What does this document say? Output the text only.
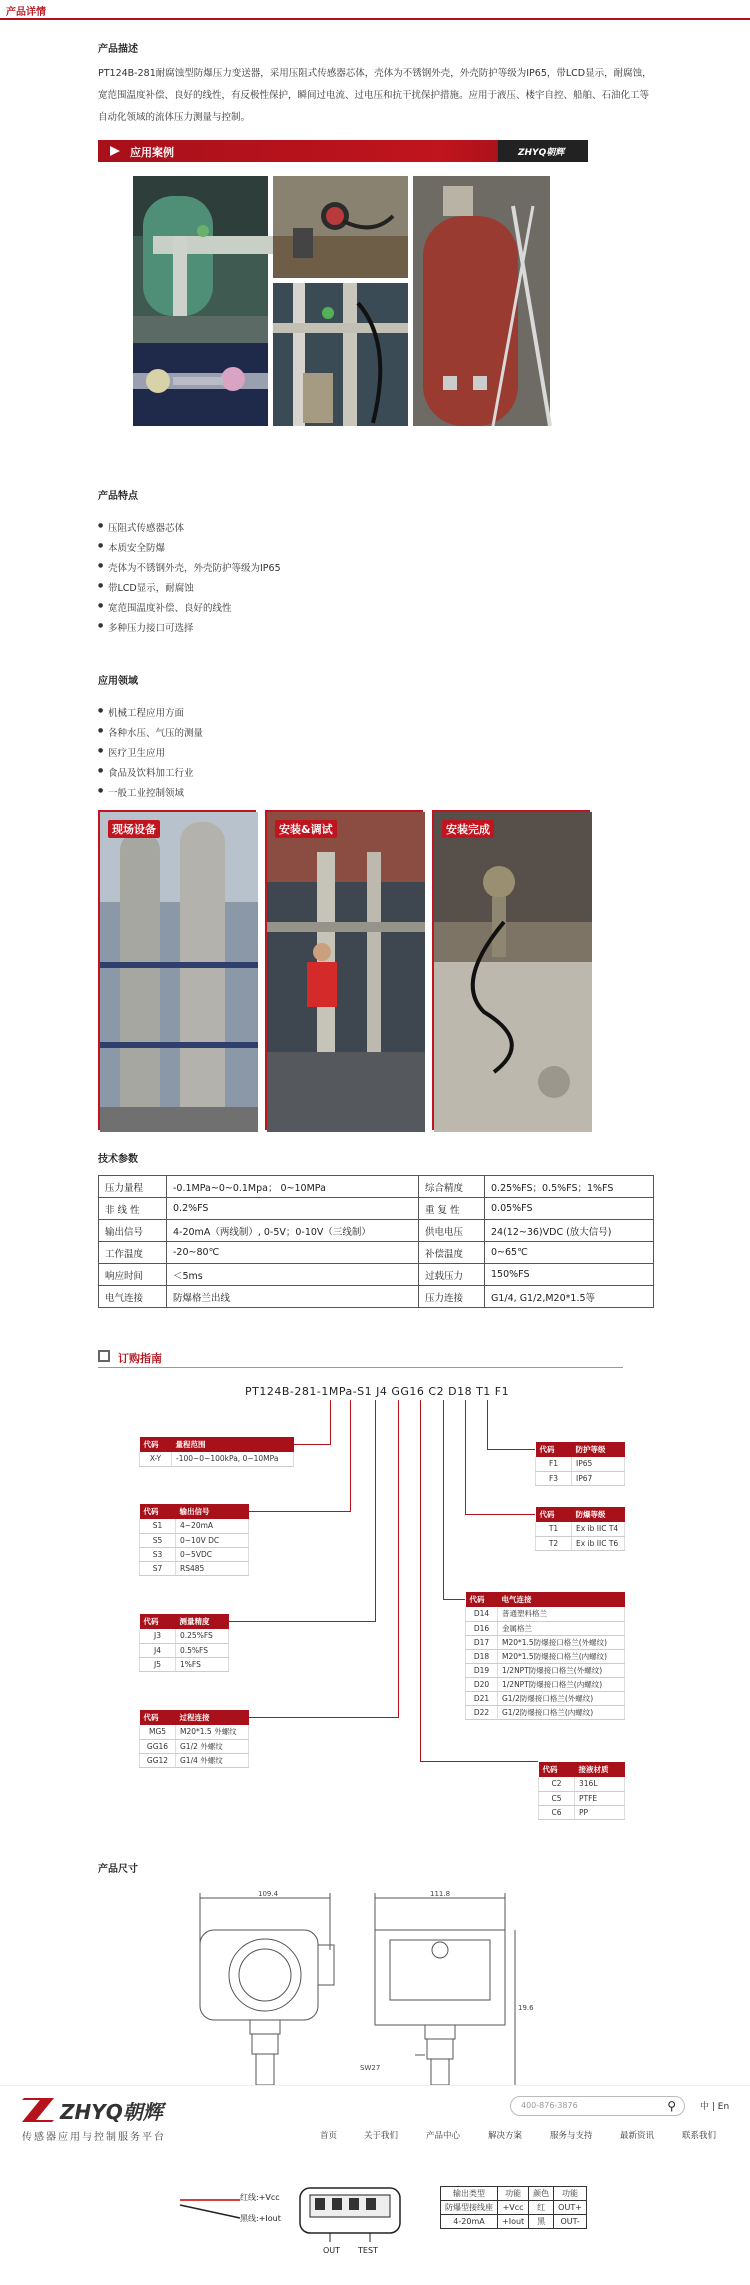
产品详情
产品描述
PT124B-281耐腐蚀型防爆压力变送器，采用压阻式传感器芯体，壳体为不锈钢外壳，外壳防护等级为IP65，带LCD显示，耐腐蚀，宽范围温度补偿、良好的线性，有反极性保护，瞬间过电流、过电压和抗干扰保护措施。应用于液压、楼宇自控、船舶、石油化工等自动化领域的流体压力测量与控制。
应用案例	ZHYQ朝辉
产品特点
● 压阻式传感器芯体
● 本质安全防爆
● 壳体为不锈钢外壳，外壳防护等级为IP65
● 带LCD显示，耐腐蚀
● 宽范围温度补偿、良好的线性
● 多种压力接口可选择
应用领域
● 机械工程应用方面
● 各种水压、气压的测量
● 医疗卫生应用
● 食品及饮料加工行业
● 一般工业控制领域
现场设备	安装&调试	安装完成
技术参数
压力量程	-0.1MPa~0~0.1Mpa； 0~10MPa	综合精度	0.25%FS；0.5%FS；1%FS
非 线 性	0.2%FS	重 复 性	0.05%FS
输出信号	4-20mA（两线制）, 0-5V；0-10V（三线制）	供电电压	24(12~36)VDC (放大信号)
工作温度	-20~80℃	补偿温度	0~65℃
响应时间	＜5ms	过载压力	150%FS
电气连接	防爆格兰出线	压力连接	G1/4, G1/2,M20*1.5等
订购指南
PT124B-281-1MPa-S1 J4 GG16 C2 D18 T1 F1
代码	量程范围
X-Y	-100~0~100kPa, 0~10MPa
代码	输出信号
S1	4~20mA
S5	0~10V DC
S3	0~5VDC
S7	RS485
代码	测量精度
J3	0.25%FS
J4	0.5%FS
J5	1%FS
代码	过程连接
MG5	M20*1.5 外螺纹
GG16	G1/2 外螺纹
GG12	G1/4 外螺纹
代码	防护等级
F1	IP65
F3	IP67
代码	防爆等级
T1	Ex ib IIC T4
T2	Ex ib IIC T6
代码	电气连接
D14	普通塑料格兰
D16	金属格兰
D17	M20*1.5防爆接口格兰(外螺纹)
D18	M20*1.5防爆接口格兰(内螺纹)
D19	1/2NPT防爆接口格兰(外螺纹)
D20	1/2NPT防爆接口格兰(内螺纹)
D21	G1/2防爆接口格兰(外螺纹)
D22	G1/2防爆接口格兰(内螺纹)
代码	接液材质
C2	316L
C5	PTFE
C6	PP
产品尺寸
109.4	111.8
19.6
SW27
ZHYQ朝辉
传感器应用与控制服务平台
400-876-3876	⚲	中 | En
首页	关于我们	产品中心	解决方案	服务与支持	最新资讯	联系我们
红线:+Vcc
黑线:+Iout
OUT TEST
输出类型	功能	颜色	功能
防爆型接线座	+Vcc	红	OUT+
4-20mA	+Iout	黑	OUT-
